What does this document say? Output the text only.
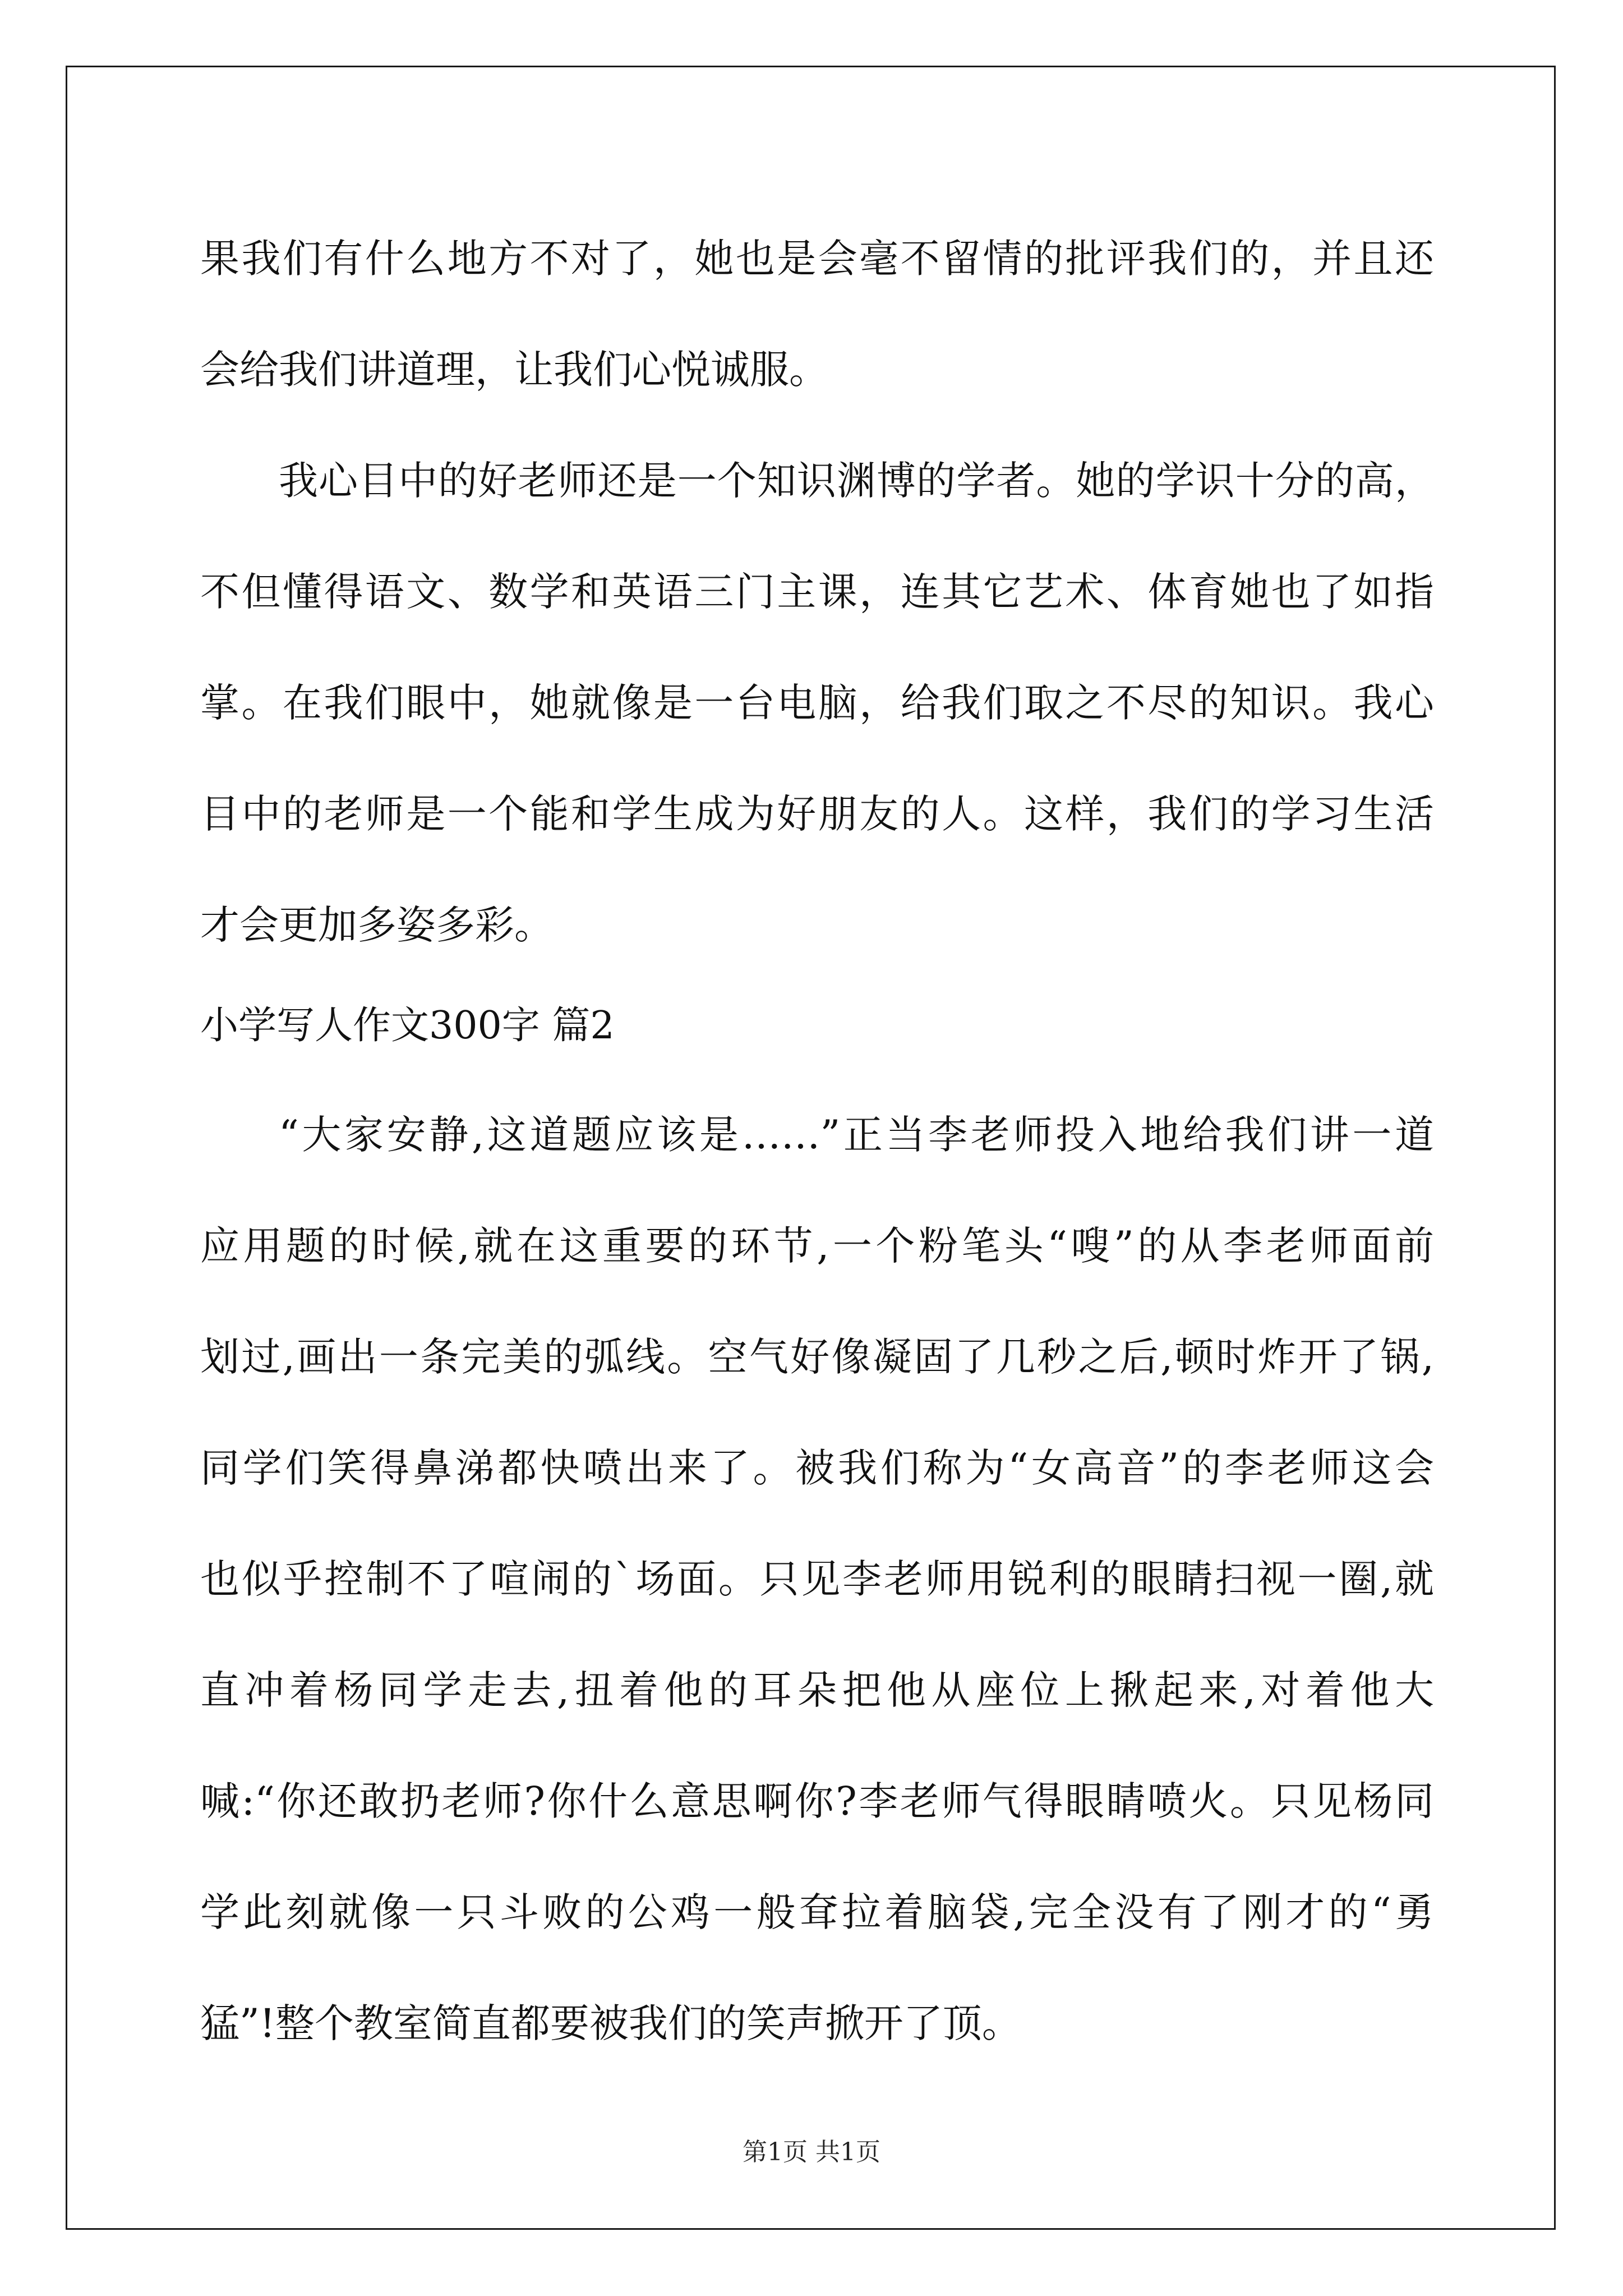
果我们有什么地方不对了，她也是会毫不留情的批评我们的，并且还
会给我们讲道理，让我们心悦诚服。
我心目中的好老师还是一个知识渊博的学者。她的学识十分的高，
不但懂得语文、数学和英语三门主课，连其它艺术、体育她也了如指
掌。在我们眼中，她就像是一台电脑，给我们取之不尽的知识。我心
目中的老师是一个能和学生成为好朋友的人。这样，我们的学习生活
才会更加多姿多彩。
小学写人作文300字 篇2
“大家安静,这道题应该是……”正当李老师投入地给我们讲一道
应用题的时候,就在这重要的环节,一个粉笔头“嗖”的从李老师面前
划过,画出一条完美的弧线。空气好像凝固了几秒之后,顿时炸开了锅,
同学们笑得鼻涕都快喷出来了。被我们称为“女高音”的李老师这会
也似乎控制不了喧闹的`场面。只见李老师用锐利的眼睛扫视一圈,就
直冲着杨同学走去,扭着他的耳朵把他从座位上揪起来,对着他大
喊:“你还敢扔老师?你什么意思啊你?李老师气得眼睛喷火。只见杨同
学此刻就像一只斗败的公鸡一般耷拉着脑袋,完全没有了刚才的“勇
猛”!整个教室简直都要被我们的笑声掀开了顶。
第1页 共1页
